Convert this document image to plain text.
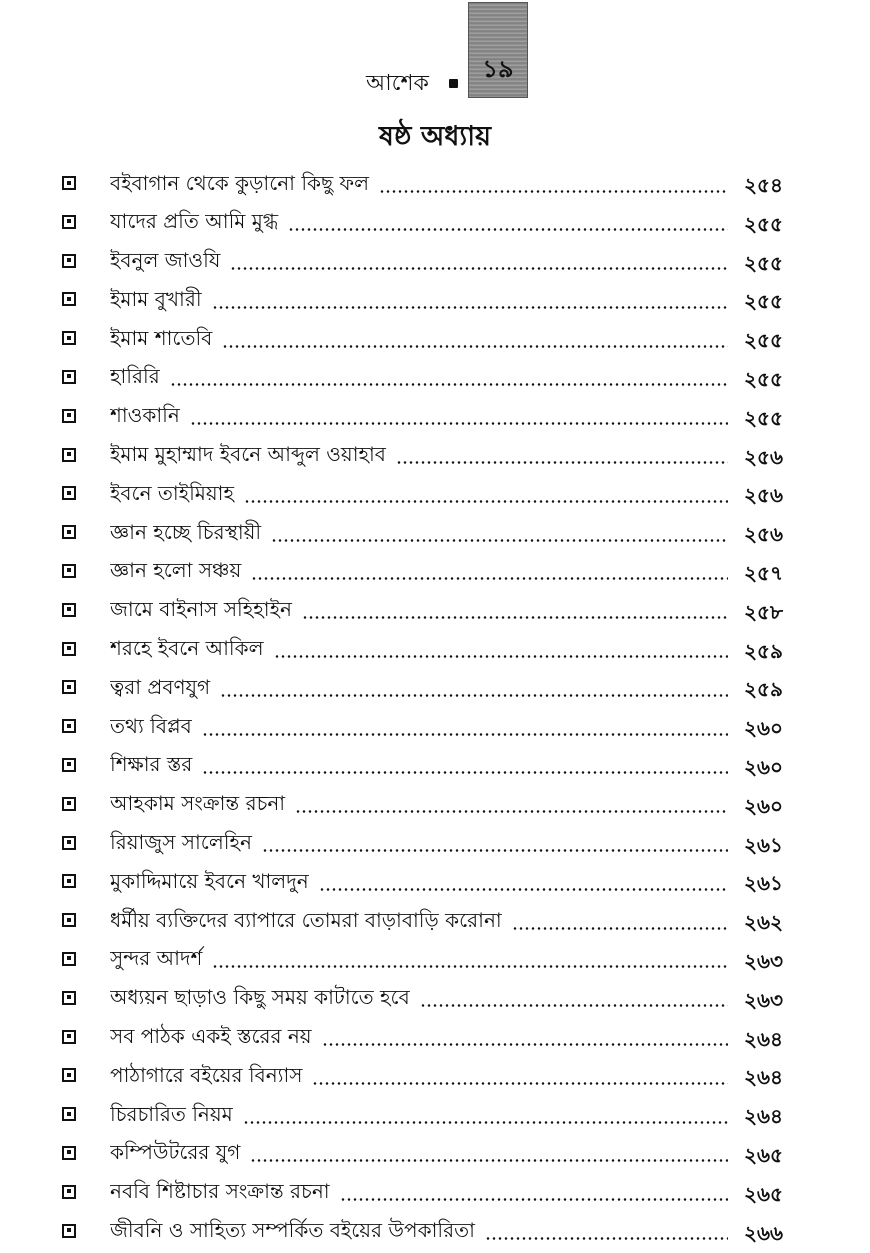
আশেক
১৯
ষষ্ঠ অধ্যায়
বইবাগান থেকে কুড়ানো কিছু ফল	২৫৪
যাদের প্রতি আমি মুগ্ধ	২৫৫
ইবনুল জাওযি	২৫৫
ইমাম বুখারী	২৫৫
ইমাম শাতেবি	২৫৫
হারিরি	২৫৫
শাওকানি	২৫৫
ইমাম মুহাম্মাদ ইবনে আব্দুল ওয়াহাব	২৫৬
ইবনে তাইমিয়াহ	২৫৬
জ্ঞান হচ্ছে চিরস্থায়ী	২৫৬
জ্ঞান হলো সঞ্চয়	২৫৭
জামে বাইনাস সহিহাইন	২৫৮
শরহে ইবনে আকিল	২৫৯
ত্বরা প্রবণযুগ	২৫৯
তথ্য বিপ্লব	২৬০
শিক্ষার স্তর	২৬০
আহকাম সংক্রান্ত রচনা	২৬০
রিয়াজুস সালেহিন	২৬১
মুকাদ্দিমায়ে ইবনে খালদুন	২৬১
ধর্মীয় ব্যক্তিদের ব্যাপারে তোমরা বাড়াবাড়ি করোনা	২৬২
সুন্দর আদর্শ	২৬৩
অধ্যয়ন ছাড়াও কিছু সময় কাটাতে হবে	২৬৩
সব পাঠক একই স্তরের নয়	২৬৪
পাঠাগারে বইয়ের বিন্যাস	২৬৪
চিরচারিত নিয়ম	২৬৪
কম্পিউটরের যুগ	২৬৫
নববি শিষ্টাচার সংক্রান্ত রচনা	২৬৫
জীবনি ও সাহিত্য সম্পর্কিত বইয়ের উপকারিতা	২৬৬
